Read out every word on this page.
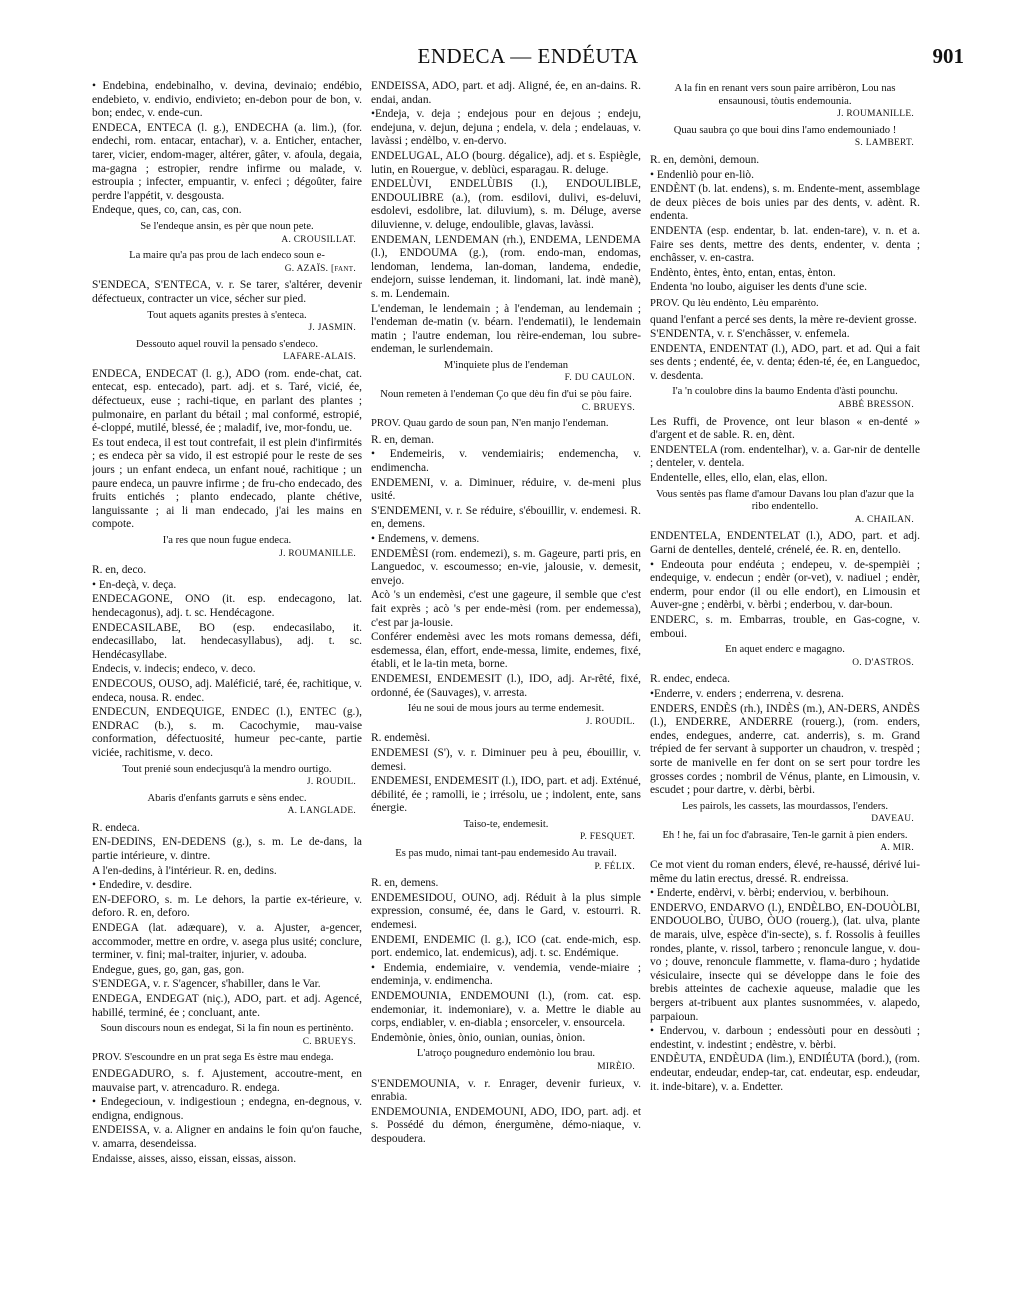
ENDECA — ENDÉUTA	901

• Endebina, endebinalho, v. devina, devinaio; endébio, endebieto, v. endivio, endivieto; en-debon pour de bon, v. bon; endec, v. ende-cun.

ENDECA, ENTECA (l. g.), ENDECHA (a. lim.), (for. endechi, rom. entacar, entachar), v. a. Enticher, entacher, tarer, vicier, endom-mager, altérer, gâter, v. afoula, degaia, ma-gagna ; estropier, rendre infirme ou malade, v. estroupia ; infecter, empuantir, v. enfeci ; dégoûter, faire perdre l'appétit, v. desgousta.

Endeque, ques, co, can, cas, con.

Se l'endeque ansin, es pèr que noun pete.

A. CROUSILLAT.

La maire qu'a pas prou de lach endeco soun e-

G. AZAÏS. [fant.

S'ENDECA, S'ENTECA, v. r. Se tarer, s'altérer, devenir défectueux, contracter un vice, sécher sur pied.

Tout aquets aganits prestes à s'enteca.

J. JASMIN.

Dessouto aquel rouvil la pensado s'endeco.

LAFARE-ALAIS.

ENDECA, ENDECAT (l. g.), ADO (rom. ende-chat, cat. entecat, esp. entecado), part. adj. et s. Taré, vicié, ée, défectueux, euse ; rachi-tique, en parlant des plantes ; pulmonaire, en parlant du bétail ; mal conformé, estropié, é-cloppé, mutilé, blessé, ée ; maladif, ive, mor-fondu, ue.

Es tout endeca, il est tout contrefait, il est plein d'infirmités ; es endeca pèr sa vido, il est estropié pour le reste de ses jours ; un enfant endeca, un enfant noué, rachitique ; un paure endeca, un pauvre infirme ; de fru-cho endecado, des fruits entichés ; planto endecado, plante chétive, languissante ; ai li man endecado, j'ai les mains en compote.

I'a res que noun fugue endeca.

J. ROUMANILLE.

R. en, deco.

• En-deçà, v. deça.

ENDECAGONE, ONO (it. esp. endecagono, lat. hendecagonus), adj. t. sc. Hendécagone.

ENDECASILABE, BO (esp. endecasilabo, it. endecasillabo, lat. hendecasyllabus), adj. t. sc. Hendécasyllabe.

Endecis, v. indecis; endeco, v. deco.

ENDECOUS, OUSO, adj. Maléficié, taré, ée, rachitique, v. endeca, nousa. R. endec.

ENDECUN, ENDEQUIGE, ENDEC (l.), ENTEC (g.), ENDRAC (b.), s. m. Cacochymie, mau-vaise conformation, défectuosité, humeur pec-cante, partie viciée, rachitisme, v. deco.

Tout prenié soun endecjusqu'à la mendro ourtigo.

J. ROUDIL.

Abaris d'enfants garruts e sèns endec.

A. LANGLADE.

R. endeca.

EN-DEDINS, EN-DEDENS (g.), s. m. Le de-dans, la partie intérieure, v. dintre.

A l'en-dedins, à l'intérieur. R. en, dedins.

• Endedire, v. desdire.

EN-DEFORO, s. m. Le dehors, la partie ex-térieure, v. deforo. R. en, deforo.

ENDEGA (lat. adæquare), v. a. Ajuster, a-gencer, accommoder, mettre en ordre, v. asega plus usité; conclure, terminer, v. fini; mal-traiter, injurier, v. adouba.

Endegue, gues, go, gan, gas, gon.

S'ENDEGA, v. r. S'agencer, s'habiller, dans le Var.

ENDEGA, ENDEGAT (niç.), ADO, part. et adj. Agencé, habillé, terminé, ée ; concluant, ante.

Soun discours noun es endegat, Si la fin noun es pertinènto.

C. BRUEYS.

PROV. S'escoundre en un prat sega Es èstre mau endega.

ENDEGADURO, s. f. Ajustement, accoutre-ment, en mauvaise part, v. atrencaduro. R. endega.

• Endegecioun, v. indigestioun ; endegna, en-degnous, v. endigna, endignous.

ENDEISSA, v. a. Aligner en andains le foin qu'on fauche, v. amarra, desendeissa.

Endaisse, aisses, aisso, eissan, eissas, aisson.

ENDEISSA, ADO, part. et adj. Aligné, ée, en an-dains. R. endai, andan.

•Endeja, v. deja ; endejous pour en dejous ; endeju, endejuna, v. dejun, dejuna ; endela, v. dela ; endelauas, v. lavàssi ; endèlbo, v. en-dervo.

ENDELUGAL, ALO (bourg. dégalice), adj. et s. Espiègle, lutin, en Rouergue, v. deblùci, esparagau. R. deluge.

ENDELÙVI, ENDELÙBIS (l.), ENDOULIBLE, ENDOULIBRE (a.), (rom. esdilovi, dulivi, es-deluvi, esdolevi, esdolibre, lat. diluvium), s. m. Déluge, averse diluvienne, v. deluge, endoulible, glavas, lavàssi.

ENDEMAN, LENDEMAN (rh.), ENDEMA, LENDEMA (l.), ENDOUMA (g.), (rom. endo-man, endomas, lendoman, lendema, lan-doman, landema, endedie, endejorn, suisse lendeman, it. lindomani, lat. indè manè), s. m. Lendemain.

L'endeman, le lendemain ; à l'endeman, au lendemain ; l'endeman de-matin (v. béarn. l'endematii), le lendemain matin ; l'autre endeman, lou rèire-endeman, lou subre-endeman, le surlendemain.

M'inquiete plus de l'endeman

F. DU CAULON.

Noun remeten à l'endeman Ço que dèu fin d'ui se pòu faire.

C. BRUEYS.

PROV. Quau gardo de soun pan, N'en manjo l'endeman.

R. en, deman.

• Endemeiris, v. vendemiairis; endemencha, v. endimencha.

ENDEMENI, v. a. Diminuer, réduire, v. de-meni plus usité.

S'ENDEMENI, v. r. Se réduire, s'ébouillir, v. endemesi. R. en, demens.

• Endemens, v. demens.

ENDEMÈSI (rom. endemezi), s. m. Gageure, parti pris, en Languedoc, v. escoumesso; en-vie, jalousie, v. demesit, envejo.

Acò 's un endemèsi, c'est une gageure, il semble que c'est fait exprès ; acò 's per ende-mèsi (rom. per endemessa), c'est par ja-lousie.

Conférer endemèsi avec les mots romans demessa, défi, esdemessa, élan, effort, ende-messa, limite, endemes, fixé, établi, et le la-tin meta, borne.

ENDEMESI, ENDEMESIT (l.), IDO, adj. Ar-rêté, fixé, ordonné, ée (Sauvages), v. arresta.

Iéu ne soui de mous jours au terme endemesit.

J. ROUDIL.

R. endemèsi.

ENDEMESI (S'), v. r. Diminuer peu à peu, ébouillir, v. demesi.

ENDEMESI, ENDEMESIT (l.), IDO, part. et adj. Exténué, débilité, ée ; ramolli, ie ; irrésolu, ue ; indolent, ente, sans énergie.

Taiso-te, endemesit.

P. FESQUET.

Es pas mudo, nimai tant-pau endemesido Au travail.

P. FÉLIX.

R. en, demens.

ENDEMESIDOU, OUNO, adj. Réduit à la plus simple expression, consumé, ée, dans le Gard, v. estourri. R. endemesi.

ENDEMI, ENDEMIC (l. g.), ICO (cat. ende-mich, esp. port. endemico, lat. endemicus), adj. t. sc. Endémique.

• Endemia, endemiaire, v. vendemia, vende-miaire ; endeminja, v. endimencha.

ENDEMOUNIA, ENDEMOUNI (l.), (rom. cat. esp. endemoniar, it. indemoniare), v. a. Mettre le diable au corps, endiabler, v. en-diabla ; ensorceler, v. ensourcela.

Endemònie, ònies, ònio, ounian, ounias, ònion.

L'atroço pougneduro endemònio lou brau.

MIRÈIO.

S'ENDEMOUNIA, v. r. Enrager, devenir furieux, v. enrabia.

ENDEMOUNIA, ENDEMOUNI, ADO, IDO, part. adj. et s. Possédé du démon, énergumène, démo-niaque, v. despoudera.

A la fin en renant vers soun paire arribèron, Lou nas ensaunousi, tòutis endemounia.

J. ROUMANILLE.

Quau saubra ço que boui dins l'amo endemouniado !

S. LAMBERT.

R. en, demòni, demoun.

• Endenliò pour en-liò.

ENDÈNT (b. lat. endens), s. m. Endente-ment, assemblage de deux pièces de bois unies par des dents, v. adènt. R. endenta.

ENDENTA (esp. endentar, b. lat. enden-tare), v. n. et a. Faire ses dents, mettre des dents, endenter, v. denta ; enchâsser, v. en-castra.

Endènto, èntes, ènto, entan, entas, ènton.

Endenta 'no loubo, aiguiser les dents d'une scie.

PROV. Qu lèu endènto, Lèu emparènto.

quand l'enfant a percé ses dents, la mère re-devient grosse.

S'ENDENTA, v. r. S'enchâsser, v. enfemela.

ENDENTA, ENDENTAT (l.), ADO, part. et ad. Qui a fait ses dents ; endenté, ée, v. denta; éden-té, ée, en Languedoc, v. desdenta.

I'a 'n coulobre dins la baumo Endenta d'àsti pounchu.

ABBÉ BRESSON.

Les Ruffi, de Provence, ont leur blason « en-denté » d'argent et de sable. R. en, dènt.

ENDENTELA (rom. endentelhar), v. a. Gar-nir de dentelle ; denteler, v. dentela.

Endentelle, elles, ello, elan, elas, ellon.

Vous sentès pas flame d'amour Davans lou plan d'azur que la ribo endentello.

A. CHAILAN.

ENDENTELA, ENDENTELAT (l.), ADO, part. et adj. Garni de dentelles, dentelé, crénelé, ée. R. en, dentello.

• Endeouta pour endéuta ; endepeu, v. de-spempièi ; endequige, v. endecun ; endèr (or-vet), v. nadiuel ; endèr, enderm, pour endor (il ou elle endort), en Limousin et Auver-gne ; endèrbi, v. bèrbi ; enderbou, v. dar-boun.

ENDERC, s. m. Embarras, trouble, en Gas-cogne, v. emboui.

En aquet enderc e magagno.

O. D'ASTROS.

R. endec, endeca.

•Enderre, v. enders ; enderrena, v. desrena.

ENDERS, ENDÈS (rh.), INDÈS (m.), AN-DERS, ANDÈS (l.), ENDERRE, ANDERRE (rouerg.), (rom. enders, endes, endegues, anderre, cat. anderris), s. m. Grand trépied de fer servant à supporter un chaudron, v. trespèd ; sorte de manivelle en fer dont on se sert pour tordre les grosses cordes ; nombril de Vénus, plante, en Limousin, v. escudet ; pour dartre, v. dèrbi, bèrbi.

Les pairols, les cassets, las mourdassos, l'enders.

DAVEAU.

Eh ! he, fai un foc d'abrasaire, Ten-le garnit à pien enders.

A. MIR.

Ce mot vient du roman enders, élevé, re-haussé, dérivé lui-même du latin erectus, dressé. R. endreissa.

• Enderte, endèrvi, v. bèrbi; enderviou, v. berbihoun.

ENDERVO, ENDARVO (l.), ENDÈLBO, EN-DOUÒLBI, ENDOUOLBO, ÙUBO, ÒUO (rouerg.), (lat. ulva, plante de marais, ulve, espèce d'in-secte), s. f. Rossolis à feuilles rondes, plante, v. rissol, tarbero ; renoncule langue, v. dou-vo ; douve, renoncule flammette, v. flama-duro ; hydatide vésiculaire, insecte qui se développe dans le foie des brebis atteintes de cachexie aqueuse, maladie que les bergers at-tribuent aux plantes susnommées, v. alapedo, parpaioun.

• Endervou, v. darboun ; endessòuti pour en dessòuti ; endestint, v. indestint ; endèstre, v. bèrbi.

ENDÈUTA, ENDÈUDA (lim.), ENDIÉUTA (bord.), (rom. endeutar, endeudar, endep-tar, cat. endeutar, esp. endeudar, it. inde-bitare), v. a. Endetter.
